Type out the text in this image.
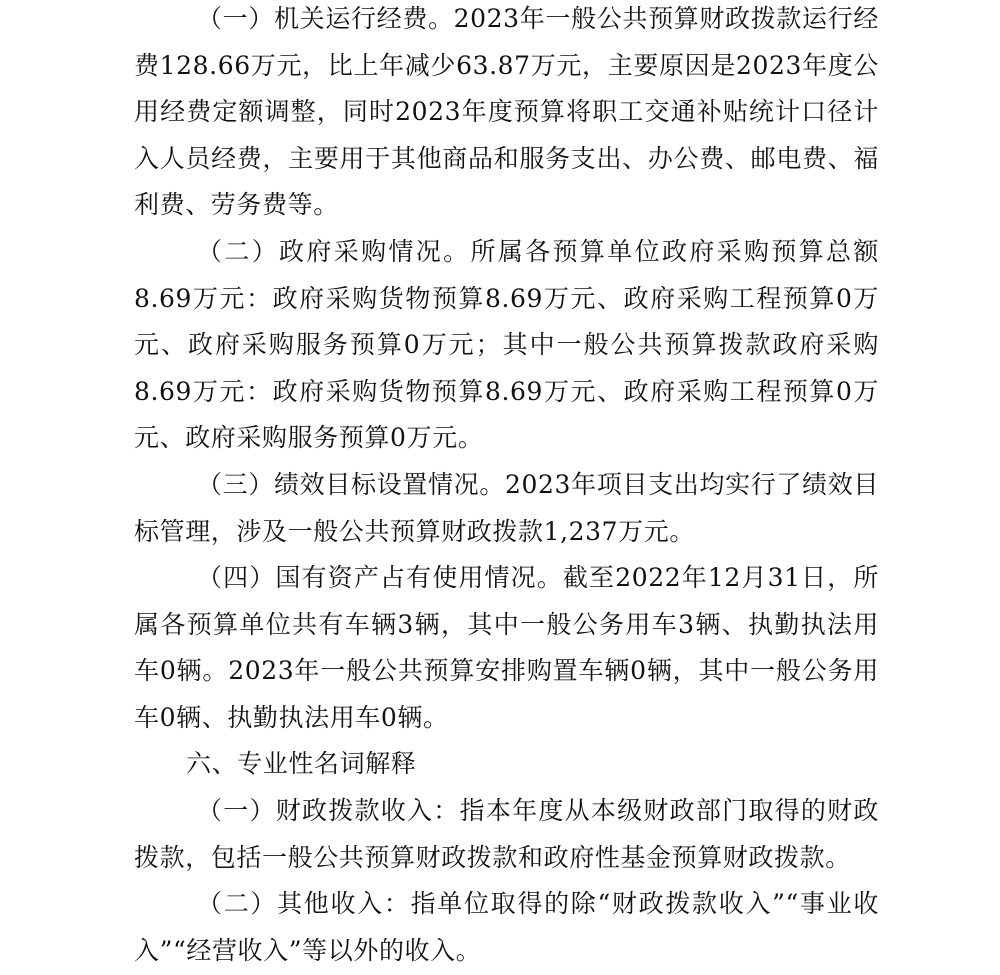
（一）机关运行经费。2023年一般公共预算财政拨款运行经费128.66万元，比上年减少63.87万元，主要原因是2023年度公用经费定额调整，同时2023年度预算将职工交通补贴统计口径计入人员经费，主要用于其他商品和服务支出、办公费、邮电费、福利费、劳务费等。

（二）政府采购情况。所属各预算单位政府采购预算总额8.69万元：政府采购货物预算8.69万元、政府采购工程预算0万元、政府采购服务预算0万元；其中一般公共预算拨款政府采购8.69万元：政府采购货物预算8.69万元、政府采购工程预算0万元、政府采购服务预算0万元。

（三）绩效目标设置情况。2023年项目支出均实行了绩效目标管理，涉及一般公共预算财政拨款1,237万元。

（四）国有资产占有使用情况。截至2022年12月31日，所属各预算单位共有车辆3辆，其中一般公务用车3辆、执勤执法用车0辆。2023年一般公共预算安排购置车辆0辆，其中一般公务用车0辆、执勤执法用车0辆。

六、专业性名词解释

（一）财政拨款收入：指本年度从本级财政部门取得的财政拨款，包括一般公共预算财政拨款和政府性基金预算财政拨款。

（二）其他收入：指单位取得的除“财政拨款收入”“事业收入”“经营收入”等以外的收入。
